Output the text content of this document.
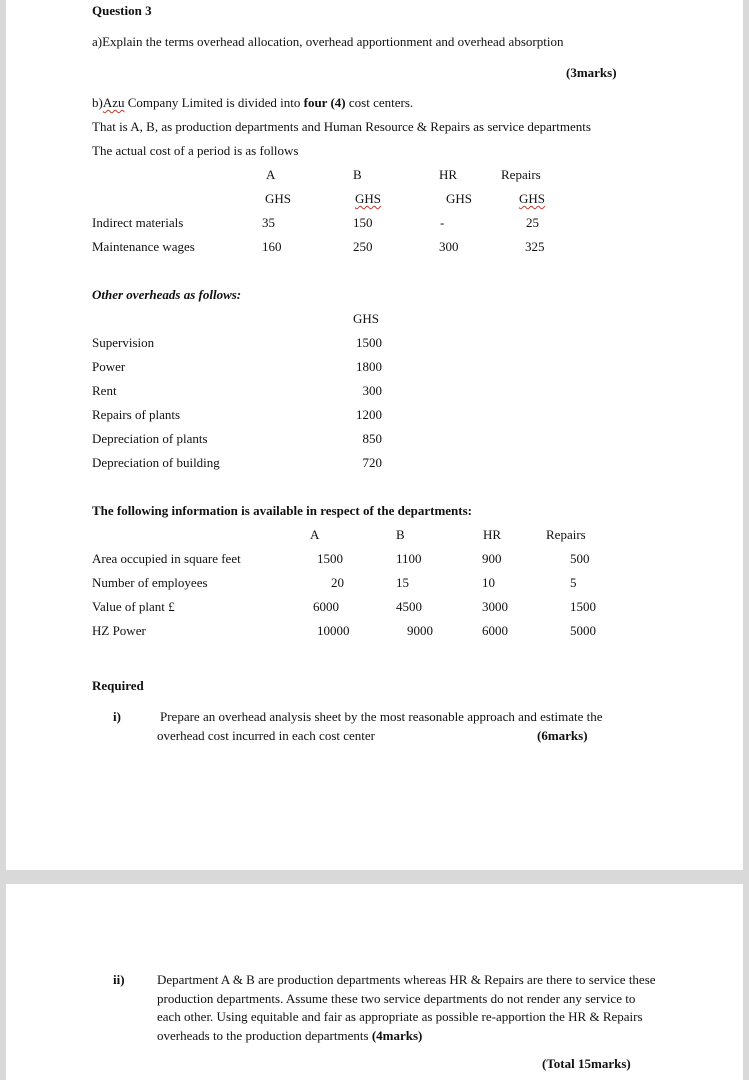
Question 3
a)Explain the terms overhead allocation, overhead apportionment and overhead absorption
(3marks)
b)Azu Company Limited is divided into four (4) cost centers.
That is A, B, as production departments and Human Resource & Repairs as service departments
The actual cost of a period is as follows
A	B	HR	Repairs
GHS	GHS	GHS	GHS
Indirect materials	35	150	-	25
Maintenance wages	160	250	300	325
Other overheads as follows:
GHS
Supervision	1500
Power	1800
Rent	300
Repairs of plants	1200
Depreciation of plants	850
Depreciation of building	720
The following information is available in respect of the departments:
A	B	HR	Repairs
Area occupied in square feet	1500	1100	900	500
Number of employees	20	15	10	5
Value of plant £	6000	4500	3000	1500
HZ Power	10000	9000	6000	5000
Required
i)	Prepare an overhead analysis sheet by the most reasonable approach and estimate the
overhead cost incurred in each cost center	(6marks)
ii) Department A & B are production departments whereas HR & Repairs are there to service these production departments. Assume these two service departments do not render any service to each other. Using equitable and fair as appropriate as possible re-apportion the HR & Repairs overheads to the production departments (4marks)
(Total 15marks)
